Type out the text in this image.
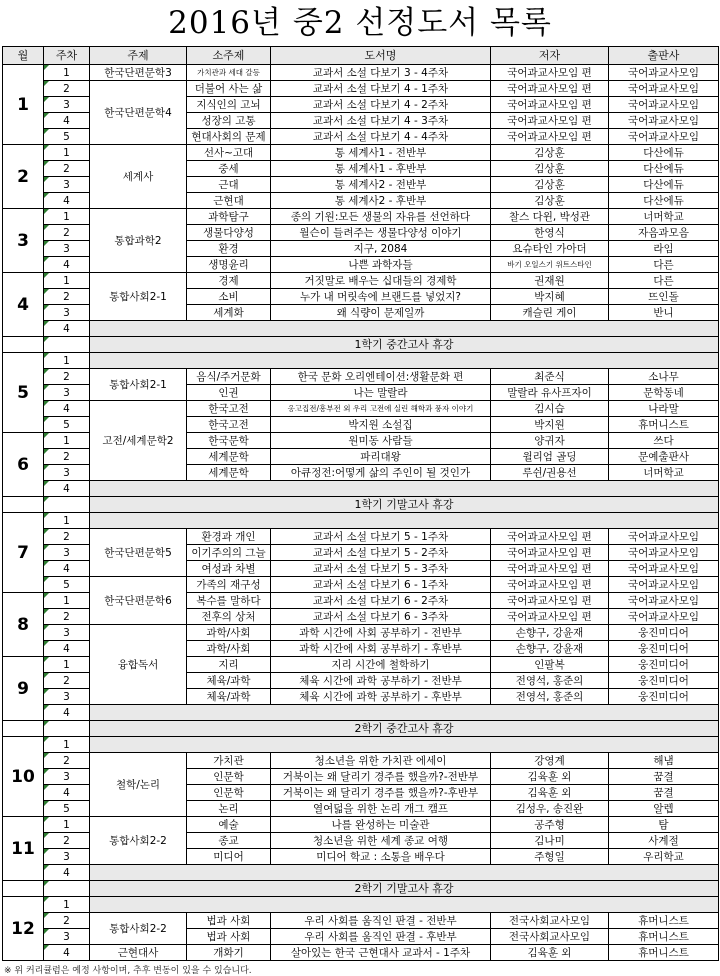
2016년 중2 선정도서 목록
월	주차	주제	소주제	도서명	저자	출판사
1	1	한국단편문학3	가치관과 세대 갈등	교과서 소설 다보기 3 - 4주차	국어과교사모임 편	국어과교사모임
	2	한국단편문학4	더불어 사는 삶	교과서 소설 다보기 4 - 1주차	국어과교사모임 편	국어과교사모임
	3		지식인의 고뇌	교과서 소설 다보기 4 - 2주차	국어과교사모임 편	국어과교사모임
	4		성장의 고통	교과서 소설 다보기 4 - 3주차	국어과교사모임 편	국어과교사모임
	5		현대사회의 문제	교과서 소설 다보기 4 - 4주차	국어과교사모임 편	국어과교사모임
2	1	세계사	선사~고대	통 세계사1 - 전반부	김상훈	다산에듀
	2		중세	통 세계사1 - 후반부	김상훈	다산에듀
	3		근대	통 세계사2 - 전반부	김상훈	다산에듀
	4		근현대	통 세계사2 - 후반부	김상훈	다산에듀
3	1	통합과학2	과학탐구	종의 기원:모든 생물의 자유를 선언하다	찰스 다윈, 박성관	너머학교
	2		생물다양성	월슨이 들려주는 생물다양성 이야기	한영식	자음과모음
	3		환경	지구, 2084	요슈타인 가아더	라임
	4		생명윤리	나쁜 과학자들	바기 오일스기 위트스타인	다른
4	1	통합사회2-1	경제	거짓말로 배우는 십대들의 경제학	권재원	다른
	2		소비	누가 내 머릿속에 브랜드를 넣었지?	박지혜	뜨인돌
	3		세계화	왜 식량이 문제일까	캐슬린 게이	반니
	4					
		1학기 중간고사 휴강				
5	1					
	2	통합사회2-1	음식/주거문화	한국 문화 오리엔테이션:생활문화 편	최준식	소나무
	3		인권	나는 말랄라	말랄라 유사프자이	문학동네
	4	고전/세계문학2	한국고전	옹고집전/흥부전 외 우리 고전에 실린 해학과 풍자 이야기	김시습	나라말
	5		한국고전	박지원 소설집	박지원	휴머니스트
6	1		한국문학	원미동 사람들	양귀자	쓰다
	2		세계문학	파리대왕	윌리엄 골딩	문예출판사
	3		세계문학	아큐정전:어떻게 삶의 주인이 될 것인가	루쉰/권용선	너머학교
	4					
		1학기 기말고사 휴강				
7	1					
	2	한국단편문학5	환경과 개인	교과서 소설 다보기 5 - 1주차	국어과교사모임 편	국어과교사모임
	3		이기주의의 그늘	교과서 소설 다보기 5 - 2주차	국어과교사모임 편	국어과교사모임
	4		여성과 차별	교과서 소설 다보기 5 - 3주차	국어과교사모임 편	국어과교사모임
	5	한국단편문학6	가족의 재구성	교과서 소설 다보기 6 - 1주차	국어과교사모임 편	국어과교사모임
8	1		복수를 말하다	교과서 소설 다보기 6 - 2주차	국어과교사모임 편	국어과교사모임
	2		전후의 상처	교과서 소설 다보기 6 - 3주차	국어과교사모임 편	국어과교사모임
	3	융합독서	과학/사회	과학 시간에 사회 공부하기 - 전반부	손향구, 강윤재	웅진미디어
	4		과학/사회	과학 시간에 사회 공부하기 - 후반부	손향구, 강윤재	웅진미디어
9	1		지리	지리 시간에 철학하기	인팔복	웅진미디어
	2		체육/과학	체육 시간에 과학 공부하기 - 전반부	전영석, 홍준의	웅진미디어
	3		체육/과학	체육 시간에 과학 공부하기 - 후반부	전영석, 홍준의	웅진미디어
	4					
		2학기 중간고사 휴강				
10	1					
	2	철학/논리	가치관	청소년을 위한 가치관 에세이	강영계	해냄
	3		인문학	거북이는 왜 달리기 경주를 했을까?-전반부	김육훈 외	꿈결
	4		인문학	거북이는 왜 달리기 경주를 했을까?-후반부	김육훈 외	꿈결
	5		논리	열여덟을 위한 논리 개그 캠프	김성우, 송진완	알렙
11	1	통합사회2-2	예술	나를 완성하는 미술관	공주형	탐
	2		종교	청소년을 위한 세계 종교 여행	김나미	사계절
	3		미디어	미디어 학교 : 소통을 배우다	주형일	우리학교
	4					
		2학기 기말고사 휴강				
12	1					
	2	통합사회2-2	법과 사회	우리 사회를 움직인 판결 - 전반부	전국사회교사모임	휴머니스트
	3		법과 사회	우리 사회를 움직인 판결 - 후반부	전국사회교사모임	휴머니스트
	4	근현대사	개화기	살아있는 한국 근현대사 교과서 - 1주차	김육훈 외	휴머니스트
※ 위 커리큘럼은 예정 사항이며, 추후 변동이 있을 수 있습니다.
